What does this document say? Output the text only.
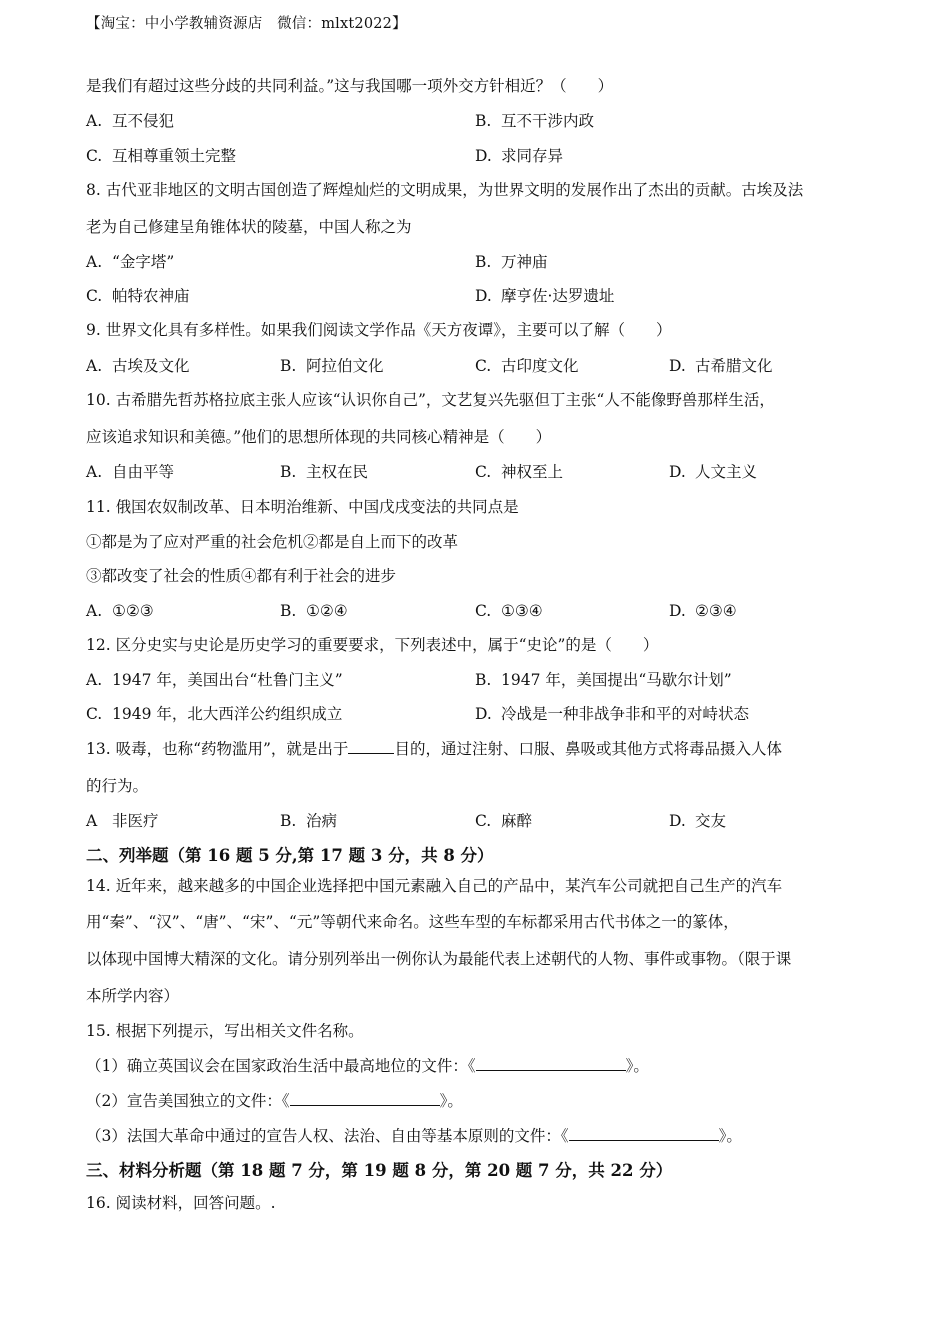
【淘宝：中小学教辅资源店　微信：mlxt2022】
是我们有超过这些分歧的共同利益。”这与我国哪一项外交方针相近？（　　）
A. 互不侵犯	B. 互不干涉内政
C. 互相尊重领土完整	D. 求同存异
8. 古代亚非地区的文明古国创造了辉煌灿烂的文明成果，为世界文明的发展作出了杰出的贡献。古埃及法
老为自己修建呈角锥体状的陵墓，中国人称之为
A. “金字塔”	B. 万神庙
C. 帕特农神庙	D. 摩亨佐·达罗遗址
9. 世界文化具有多样性。如果我们阅读文学作品《天方夜谭》，主要可以了解（　　）
A. 古埃及文化	B. 阿拉伯文化	C. 古印度文化	D. 古希腊文化
10. 古希腊先哲苏格拉底主张人应该“认识你自己”，文艺复兴先驱但丁主张“人不能像野兽那样生活，
应该追求知识和美德。”他们的思想所体现的共同核心精神是（　　）
A. 自由平等	B. 主权在民	C. 神权至上	D. 人文主义
11. 俄国农奴制改革、日本明治维新、中国戊戌变法的共同点是
①都是为了应对严重的社会危机②都是自上而下的改革
③都改变了社会的性质④都有利于社会的进步
A. ①②③	B. ①②④	C. ①③④	D. ②③④
12. 区分史实与史论是历史学习的重要要求，下列表述中，属于“史论”的是（　　）
A. 1947 年，美国出台“杜鲁门主义”	B. 1947 年，美国提出“马歇尔计划”
C. 1949 年，北大西洋公约组织成立	D. 冷战是一种非战争非和平的对峙状态
13. 吸毒，也称“药物滥用”，就是出于	目的，通过注射、口服、鼻吸或其他方式将毒品摄入人体
的行为。
A 非医疗	B. 治病	C. 麻醉	D. 交友
二、列举题（第 16 题 5 分,第 17 题 3 分，共 8 分）
14. 近年来，越来越多的中国企业选择把中国元素融入自己的产品中，某汽车公司就把自己生产的汽车
用“秦”、“汉”、“唐”、“宋”、“元”等朝代来命名。这些车型的车标都采用古代书体之一的篆体，
以体现中国博大精深的文化。请分别列举出一例你认为最能代表上述朝代的人物、事件或事物。（限于课
本所学内容）
15. 根据下列提示，写出相关文件名称。
（1）确立英国议会在国家政治生活中最高地位的文件：《	》。
（2）宣告美国独立的文件：《	》。
（3）法国大革命中通过的宣告人权、法治、自由等基本原则的文件：《	》。
三、材料分析题（第 18 题 7 分，第 19 题 8 分，第 20 题 7 分，共 22 分）
16. 阅读材料，回答问题。.
